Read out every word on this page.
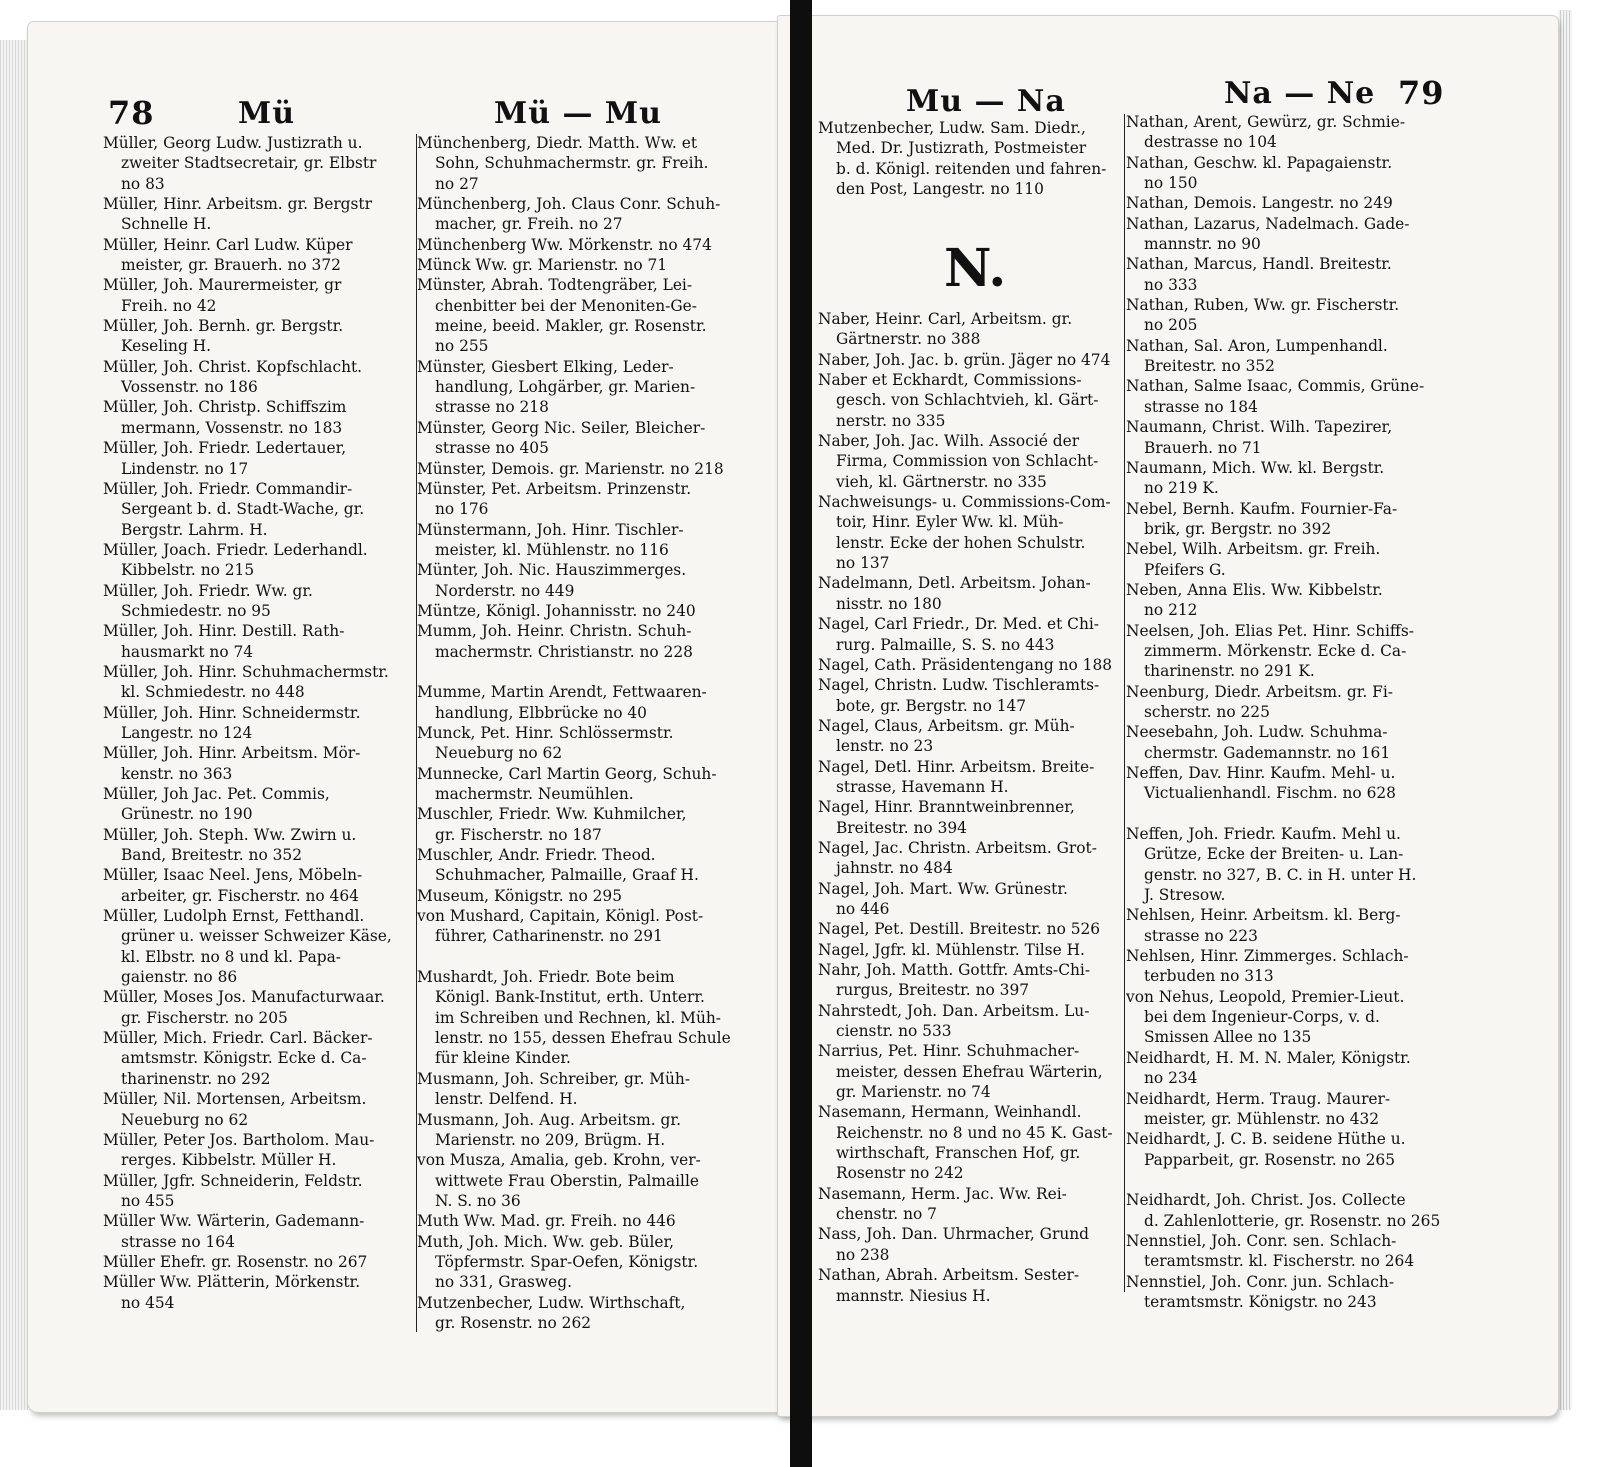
78	Mü	Mü — Mu
Müller, Georg Ludw. Justizrath u.
zweiter Stadtsecretair, gr. Elbstr
no 83
Müller, Hinr. Arbeitsm. gr. Bergstr
Schnelle H.
Müller, Heinr. Carl Ludw. Küper
meister, gr. Brauerh. no 372
Müller, Joh. Maurermeister, gr
Freih. no 42
Müller, Joh. Bernh. gr. Bergstr.
Keseling H.
Müller, Joh. Christ. Kopfschlacht.
Vossenstr. no 186
Müller, Joh. Christp. Schiffszim
mermann, Vossenstr. no 183
Müller, Joh. Friedr. Ledertauer,
Lindenstr. no 17
Müller, Joh. Friedr. Commandir-
Sergeant b. d. Stadt-Wache, gr.
Bergstr. Lahrm. H.
Müller, Joach. Friedr. Lederhandl.
Kibbelstr. no 215
Müller, Joh. Friedr. Ww. gr.
Schmiedestr. no 95
Müller, Joh. Hinr. Destill. Rath-
hausmarkt no 74
Müller, Joh. Hinr. Schuhmachermstr.
kl. Schmiedestr. no 448
Müller, Joh. Hinr. Schneidermstr.
Langestr. no 124
Müller, Joh. Hinr. Arbeitsm. Mör-
kenstr. no 363
Müller, Joh Jac. Pet. Commis,
Grünestr. no 190
Müller, Joh. Steph. Ww. Zwirn u.
Band, Breitestr. no 352
Müller, Isaac Neel. Jens, Möbeln-
arbeiter, gr. Fischerstr. no 464
Müller, Ludolph Ernst, Fetthandl.
grüner u. weisser Schweizer Käse,
kl. Elbstr. no 8 und kl. Papa-
gaienstr. no 86
Müller, Moses Jos. Manufacturwaar.
gr. Fischerstr. no 205
Müller, Mich. Friedr. Carl. Bäcker-
amtsmstr. Königstr. Ecke d. Ca-
tharinenstr. no 292
Müller, Nil. Mortensen, Arbeitsm.
Neueburg no 62
Müller, Peter Jos. Bartholom. Mau-
rerges. Kibbelstr. Müller H.
Müller, Jgfr. Schneiderin, Feldstr.
no 455
Müller Ww. Wärterin, Gademann-
strasse no 164
Müller Ehefr. gr. Rosenstr. no 267
Müller Ww. Plätterin, Mörkenstr.
no 454
Münchenberg, Diedr. Matth. Ww. et
Sohn, Schuhmachermstr. gr. Freih.
no 27
Münchenberg, Joh. Claus Conr. Schuh-
macher, gr. Freih. no 27
Münchenberg Ww. Mörkenstr. no 474
Münck Ww. gr. Marienstr. no 71
Münster, Abrah. Todtengräber, Lei-
chenbitter bei der Menoniten-Ge-
meine, beeid. Makler, gr. Rosenstr.
no 255
Münster, Giesbert Elking, Leder-
handlung, Lohgärber, gr. Marien-
strasse no 218
Münster, Georg Nic. Seiler, Bleicher-
strasse no 405
Münster, Demois. gr. Marienstr. no 218
Münster, Pet. Arbeitsm. Prinzenstr.
no 176
Münstermann, Joh. Hinr. Tischler-
meister, kl. Mühlenstr. no 116
Münter, Joh. Nic. Hauszimmerges.
Norderstr. no 449
Müntze, Königl. Johannisstr. no 240
Mumm, Joh. Heinr. Christn. Schuh-
machermstr. Christianstr. no 228

Mumme, Martin Arendt, Fettwaaren-
handlung, Elbbrücke no 40
Munck, Pet. Hinr. Schlössermstr.
Neueburg no 62
Munnecke, Carl Martin Georg, Schuh-
machermstr. Neumühlen.
Muschler, Friedr. Ww. Kuhmilcher,
gr. Fischerstr. no 187
Muschler, Andr. Friedr. Theod.
Schuhmacher, Palmaille, Graaf H.
Museum, Königstr. no 295
von Mushard, Capitain, Königl. Post-
führer, Catharinenstr. no 291

Mushardt, Joh. Friedr. Bote beim
Königl. Bank-Institut, erth. Unterr.
im Schreiben und Rechnen, kl. Müh-
lenstr. no 155, dessen Ehefrau Schule
für kleine Kinder.
Musmann, Joh. Schreiber, gr. Müh-
lenstr. Delfend. H.
Musmann, Joh. Aug. Arbeitsm. gr.
Marienstr. no 209, Brügm. H.
von Musza, Amalia, geb. Krohn, ver-
wittwete Frau Oberstin, Palmaille
N. S. no 36
Muth Ww. Mad. gr. Freih. no 446
Muth, Joh. Mich. Ww. geb. Büler,
Töpfermstr. Spar-Oefen, Königstr.
no 331, Grasweg.
Mutzenbecher, Ludw. Wirthschaft,
gr. Rosenstr. no 262
Mu — Na	Na — Ne 79
Mutzenbecher, Ludw. Sam. Diedr.,
Med. Dr. Justizrath, Postmeister
b. d. Königl. reitenden und fahren-
den Post, Langestr. no 110
N.
Naber, Heinr. Carl, Arbeitsm. gr.
Gärtnerstr. no 388
Naber, Joh. Jac. b. grün. Jäger no 474
Naber et Eckhardt, Commissions-
gesch. von Schlachtvieh, kl. Gärt-
nerstr. no 335
Naber, Joh. Jac. Wilh. Associé der
Firma, Commission von Schlacht-
vieh, kl. Gärtnerstr. no 335
Nachweisungs- u. Commissions-Com-
toir, Hinr. Eyler Ww. kl. Müh-
lenstr. Ecke der hohen Schulstr.
no 137
Nadelmann, Detl. Arbeitsm. Johan-
nisstr. no 180
Nagel, Carl Friedr., Dr. Med. et Chi-
rurg. Palmaille, S. S. no 443
Nagel, Cath. Präsidentengang no 188
Nagel, Christn. Ludw. Tischleramts-
bote, gr. Bergstr. no 147
Nagel, Claus, Arbeitsm. gr. Müh-
lenstr. no 23
Nagel, Detl. Hinr. Arbeitsm. Breite-
strasse, Havemann H.
Nagel, Hinr. Branntweinbrenner,
Breitestr. no 394
Nagel, Jac. Christn. Arbeitsm. Grot-
jahnstr. no 484
Nagel, Joh. Mart. Ww. Grünestr.
no 446
Nagel, Pet. Destill. Breitestr. no 526
Nagel, Jgfr. kl. Mühlenstr. Tilse H.
Nahr, Joh. Matth. Gottfr. Amts-Chi-
rurgus, Breitestr. no 397
Nahrstedt, Joh. Dan. Arbeitsm. Lu-
cienstr. no 533
Narrius, Pet. Hinr. Schuhmacher-
meister, dessen Ehefrau Wärterin,
gr. Marienstr. no 74
Nasemann, Hermann, Weinhandl.
Reichenstr. no 8 und no 45 K. Gast-
wirthschaft, Franschen Hof, gr.
Rosenstr no 242
Nasemann, Herm. Jac. Ww. Rei-
chenstr. no 7
Nass, Joh. Dan. Uhrmacher, Grund
no 238
Nathan, Abrah. Arbeitsm. Sester-
mannstr. Niesius H.
Nathan, Arent, Gewürz, gr. Schmie-
destrasse no 104
Nathan, Geschw. kl. Papagaienstr.
no 150
Nathan, Demois. Langestr. no 249
Nathan, Lazarus, Nadelmach. Gade-
mannstr. no 90
Nathan, Marcus, Handl. Breitestr.
no 333
Nathan, Ruben, Ww. gr. Fischerstr.
no 205
Nathan, Sal. Aron, Lumpenhandl.
Breitestr. no 352
Nathan, Salme Isaac, Commis, Grüne-
strasse no 184
Naumann, Christ. Wilh. Tapezirer,
Brauerh. no 71
Naumann, Mich. Ww. kl. Bergstr.
no 219 K.
Nebel, Bernh. Kaufm. Fournier-Fa-
brik, gr. Bergstr. no 392
Nebel, Wilh. Arbeitsm. gr. Freih.
Pfeifers G.
Neben, Anna Elis. Ww. Kibbelstr.
no 212
Neelsen, Joh. Elias Pet. Hinr. Schiffs-
zimmerm. Mörkenstr. Ecke d. Ca-
tharinenstr. no 291 K.
Neenburg, Diedr. Arbeitsm. gr. Fi-
scherstr. no 225
Neesebahn, Joh. Ludw. Schuhma-
chermstr. Gademannstr. no 161
Neffen, Dav. Hinr. Kaufm. Mehl- u.
Victualienhandl. Fischm. no 628

Neffen, Joh. Friedr. Kaufm. Mehl u.
Grütze, Ecke der Breiten- u. Lan-
genstr. no 327, B. C. in H. unter H.
J. Stresow.
Nehlsen, Heinr. Arbeitsm. kl. Berg-
strasse no 223
Nehlsen, Hinr. Zimmerges. Schlach-
terbuden no 313
von Nehus, Leopold, Premier-Lieut.
bei dem Ingenieur-Corps, v. d.
Smissen Allee no 135
Neidhardt, H. M. N. Maler, Königstr.
no 234
Neidhardt, Herm. Traug. Maurer-
meister, gr. Mühlenstr. no 432
Neidhardt, J. C. B. seidene Hüthe u.
Papparbeit, gr. Rosenstr. no 265

Neidhardt, Joh. Christ. Jos. Collecte
d. Zahlenlotterie, gr. Rosenstr. no 265
Nennstiel, Joh. Conr. sen. Schlach-
teramtsmstr. kl. Fischerstr. no 264
Nennstiel, Joh. Conr. jun. Schlach-
teramtsmstr. Königstr. no 243
